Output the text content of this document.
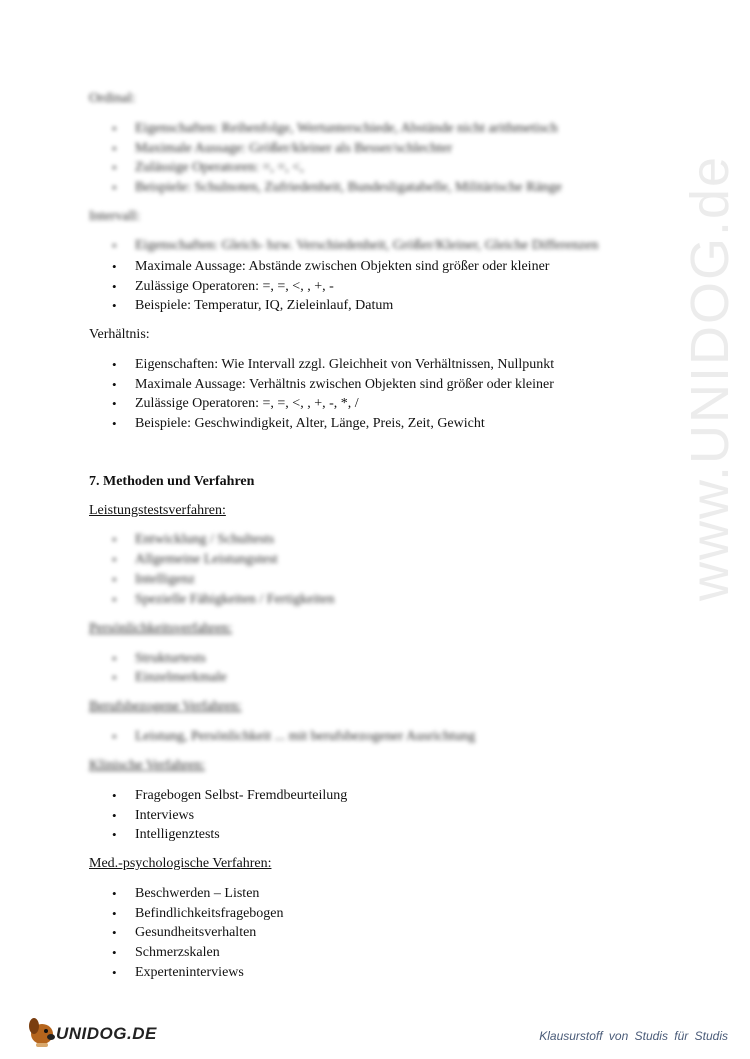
www.UNIDOG.de
Ordinal:
• Eigenschaften: Reihenfolge, Wertunterschiede, Abstände nicht arithmetisch
• Maximale Aussage: Größer/kleiner als Besser/schlechter
• Zulässige Operatoren: =, =, <,
• Beispiele: Schulnoten, Zufriedenheit, Bundesligatabelle, Militärische Ränge
Intervall:
• Eigenschaften: Gleich- bzw. Verschiedenheit, Größer/Kleiner, Gleiche Differenzen
• Maximale Aussage: Abstände zwischen Objekten sind größer oder kleiner
• Zulässige Operatoren: =, =, <, , +, -
• Beispiele: Temperatur, IQ, Zieleinlauf, Datum
Verhältnis:
• Eigenschaften: Wie Intervall zzgl. Gleichheit von Verhältnissen, Nullpunkt
• Maximale Aussage: Verhältnis zwischen Objekten sind größer oder kleiner
• Zulässige Operatoren: =, =, <, , +, -, *, /
• Beispiele: Geschwindigkeit, Alter, Länge, Preis, Zeit, Gewicht
7. Methoden und Verfahren
Leistungstestsverfahren:
• Entwicklung / Schultests
• Allgemeine Leistungstest
• Intelligenz
• Spezielle Fähigkeiten / Fertigkeiten
Persönlichkeitsverfahren:
• Strukturtests
• Einzelmerkmale
Berufsbezogene Verfahren:
• Leistung, Persönlichkeit ... mit berufsbezogener Ausrichtung
Klinische Verfahren:
• Fragebogen Selbst- Fremdbeurteilung
• Interviews
• Intelligenztests
Med.-psychologische Verfahren:
• Beschwerden – Listen
• Befindlichkeitsfragebogen
• Gesundheitsverhalten
• Schmerzskalen
• Experteninterviews
UNIDOG.DE	Klausurstoff von Studis für Studis
